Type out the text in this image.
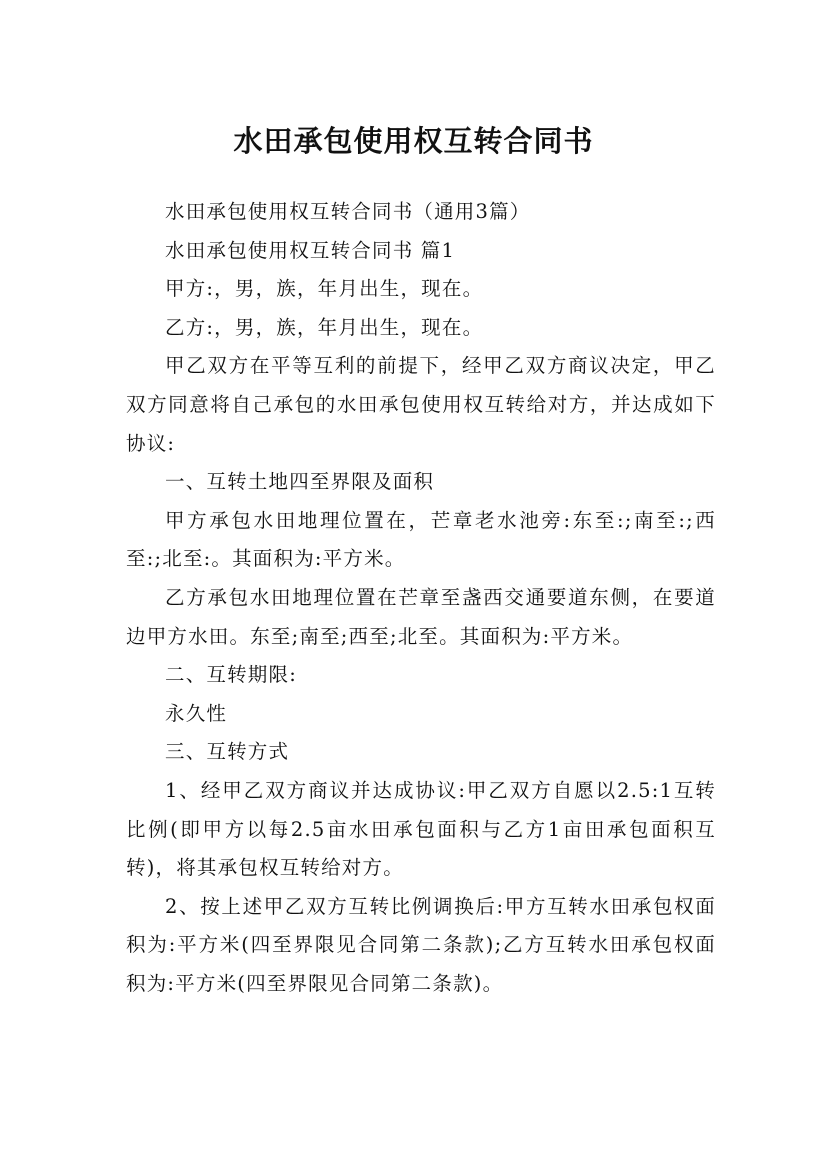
水田承包使用权互转合同书

水田承包使用权互转合同书（通用3篇）

水田承包使用权互转合同书 篇1

甲方:，男，族，年月出生，现在。

乙方:，男，族，年月出生，现在。

甲乙双方在平等互利的前提下，经甲乙双方商议决定，甲乙双方同意将自己承包的水田承包使用权互转给对方，并达成如下协议:

一、互转土地四至界限及面积

甲方承包水田地理位置在，芒章老水池旁:东至:;南至:;西至:;北至:。其面积为:平方米。

乙方承包水田地理位置在芒章至盏西交通要道东侧，在要道边甲方水田。东至;南至;西至;北至。其面积为:平方米。

二、互转期限:

永久性

三、互转方式

1、经甲乙双方商议并达成协议:甲乙双方自愿以2.5:1互转比例(即甲方以每2.5亩水田承包面积与乙方1亩田承包面积互转)，将其承包权互转给对方。

2、按上述甲乙双方互转比例调换后:甲方互转水田承包权面积为:平方米(四至界限见合同第二条款);乙方互转水田承包权面积为:平方米(四至界限见合同第二条款)。
